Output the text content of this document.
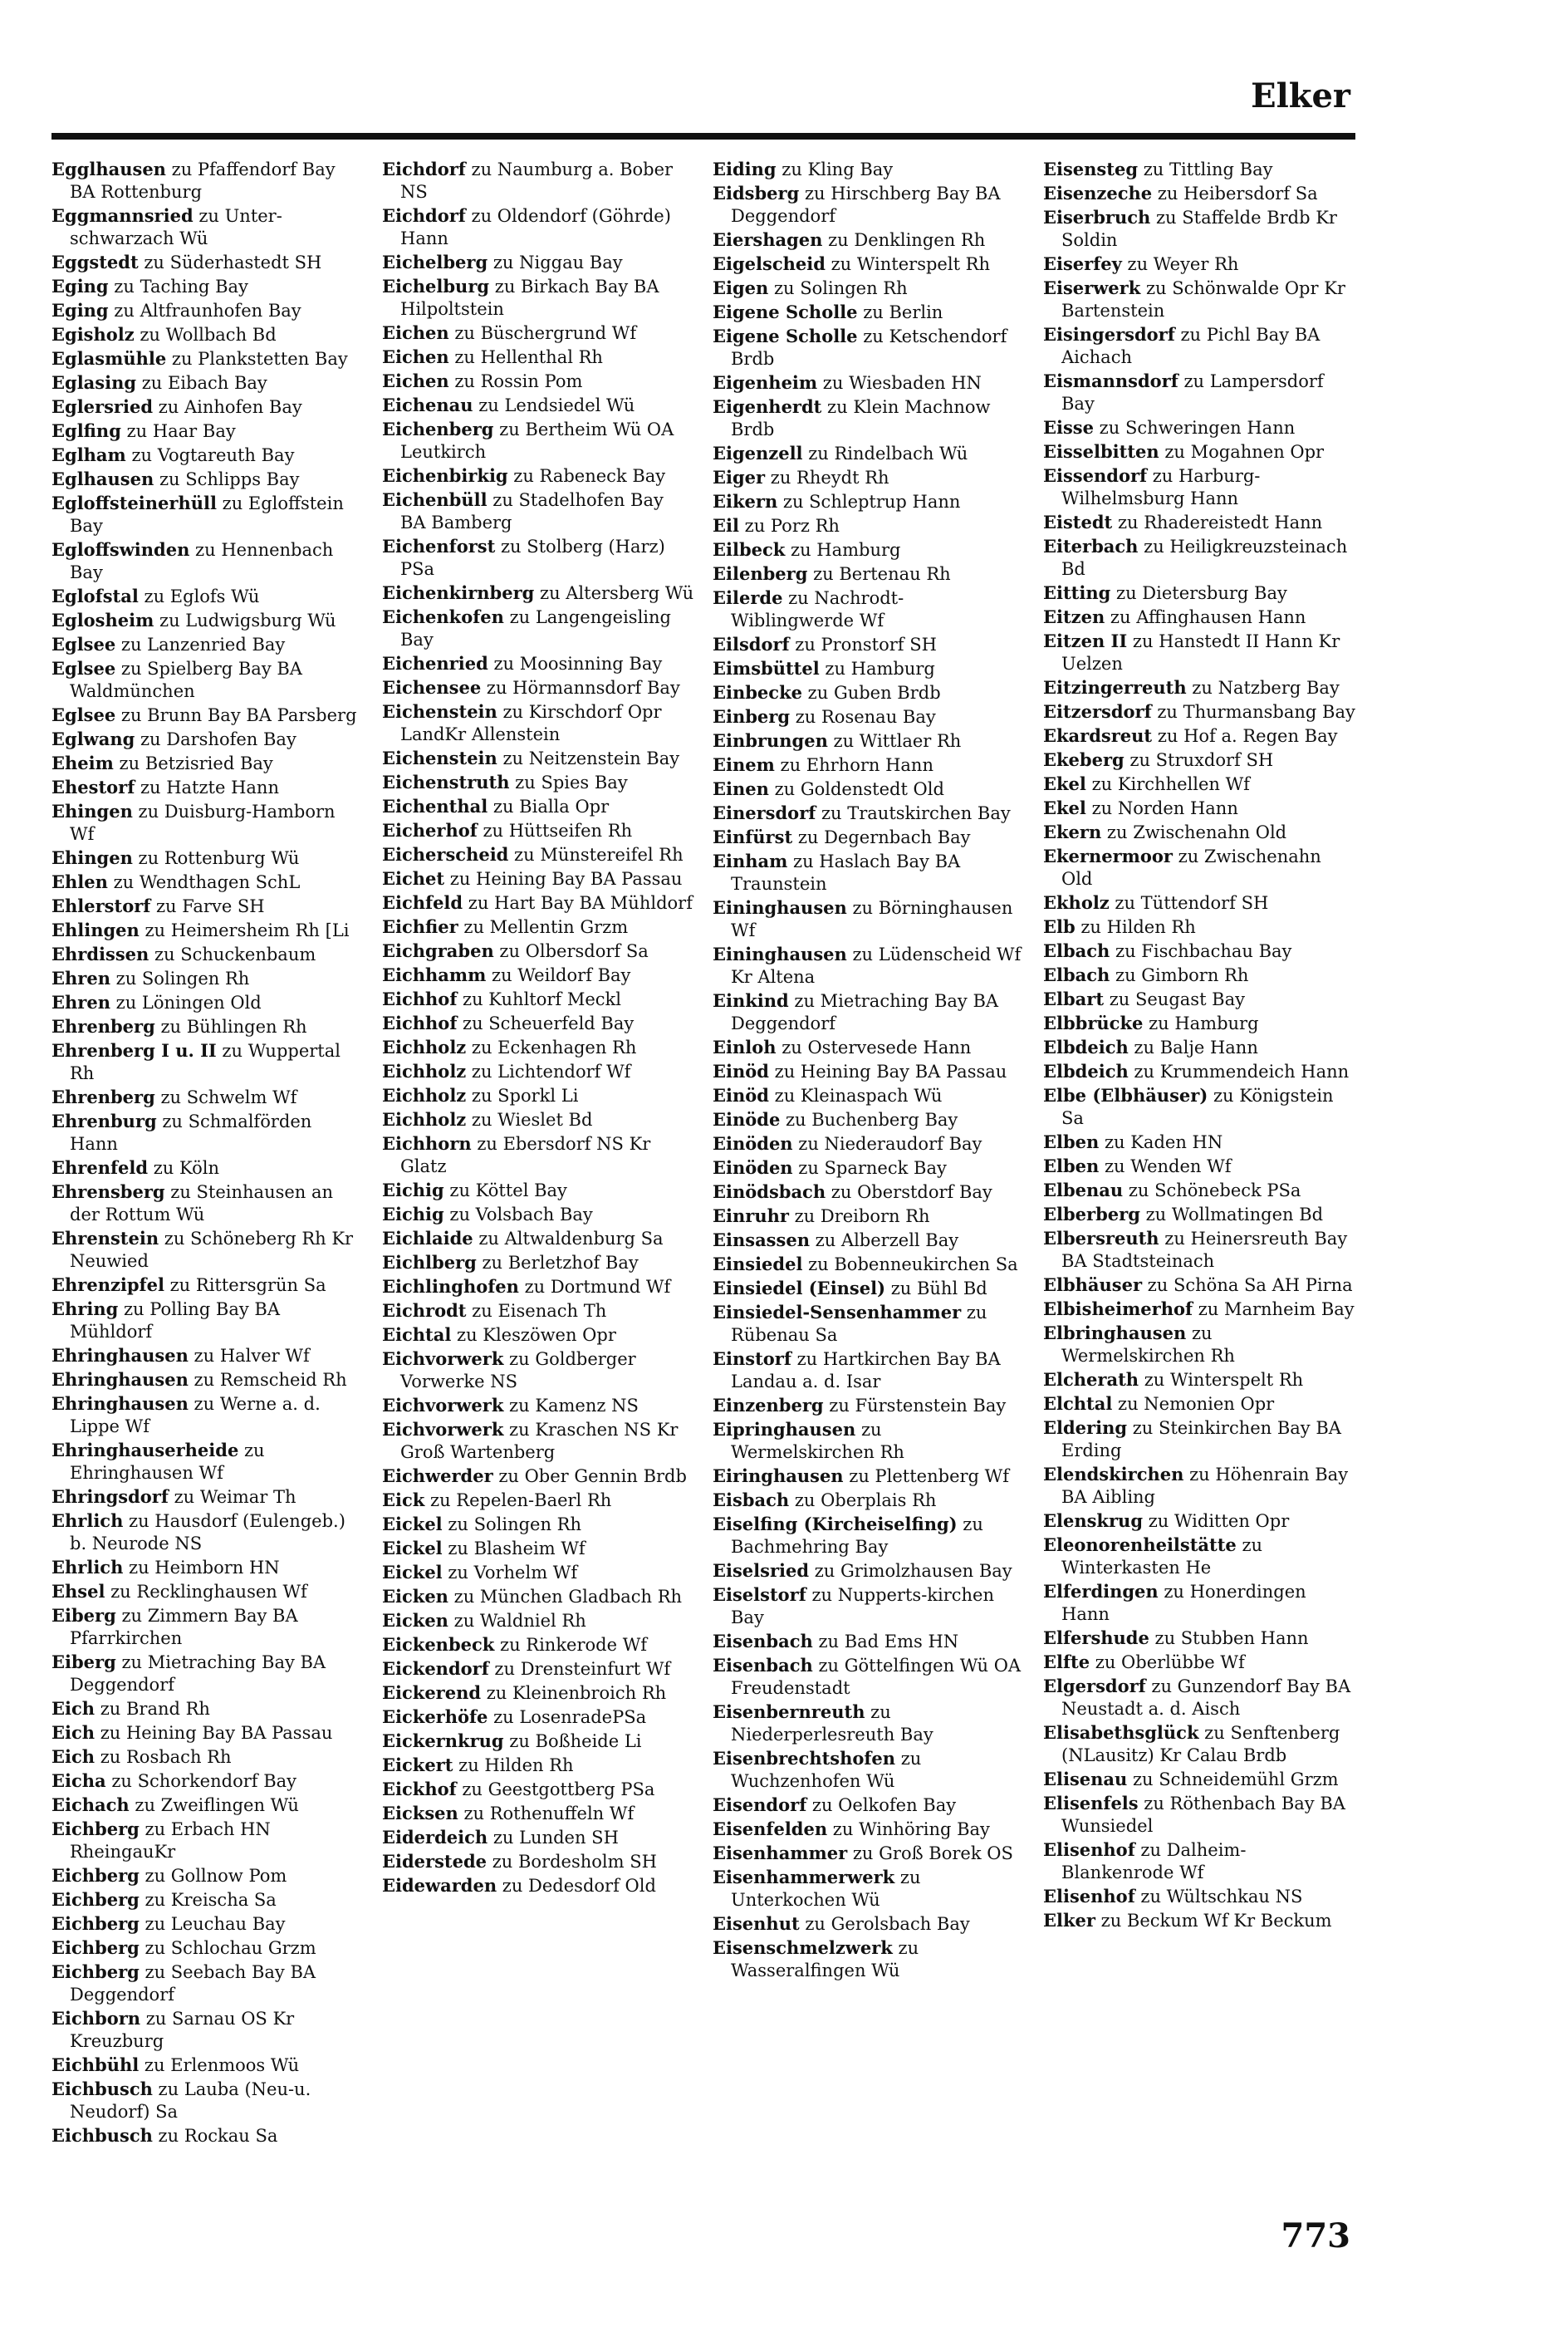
Elker
Egglhausen zu Pfaffendorf Bay BA Rottenburg
Eggmannsried zu Unter-schwarzach Wü
Eggstedt zu Süderhastedt SH
Eging zu Taching Bay
Eging zu Altfraunhofen Bay
Egisholz zu Wollbach Bd
Eglasmühle zu Plankstetten Bay
Eglasing zu Eibach Bay
Eglersried zu Ainhofen Bay
Eglfing zu Haar Bay
Eglham zu Vogtareuth Bay
Eglhausen zu Schlipps Bay
Egloffsteinerhüll zu Egloffstein Bay
Egloffswinden zu Hennenbach Bay
Eglofstal zu Eglofs Wü
Eglosheim zu Ludwigsburg Wü
Eglsee zu Lanzenried Bay
Eglsee zu Spielberg Bay BA Waldmünchen
Eglsee zu Brunn Bay BA Parsberg
Eglwang zu Darshofen Bay
Eheim zu Betzisried Bay
Ehestorf zu Hatzte Hann
Ehingen zu Duisburg-Hamborn Wf
Ehingen zu Rottenburg Wü
Ehlen zu Wendthagen SchL
Ehlerstorf zu Farve SH
Ehlingen zu Heimersheim Rh [Li
Ehrdissen zu Schuckenbaum
Ehren zu Solingen Rh
Ehren zu Löningen Old
Ehrenberg zu Bühlingen Rh
Ehrenberg I u. II zu Wuppertal Rh
Ehrenberg zu Schwelm Wf
Ehrenburg zu Schmalförden Hann
Ehrenfeld zu Köln
Ehrensberg zu Steinhausen an der Rottum Wü
Ehrenstein zu Schöneberg Rh Kr Neuwied
Ehrenzipfel zu Rittersgrün Sa
Ehring zu Polling Bay BA Mühldorf
Ehringhausen zu Halver Wf
Ehringhausen zu Remscheid Rh
Ehringhausen zu Werne a. d. Lippe Wf
Ehringhauserheide zu Ehringhausen Wf
Ehringsdorf zu Weimar Th
Ehrlich zu Hausdorf (Eulengeb.) b. Neurode NS
Ehrlich zu Heimborn HN
Ehsel zu Recklinghausen Wf
Eiberg zu Zimmern Bay BA Pfarrkirchen
Eiberg zu Mietraching Bay BA Deggendorf
Eich zu Brand Rh
Eich zu Heining Bay BA Passau
Eich zu Rosbach Rh
Eicha zu Schorkendorf Bay
Eichach zu Zweiflingen Wü
Eichberg zu Erbach HN RheingauKr
Eichberg zu Gollnow Pom
Eichberg zu Kreischa Sa
Eichberg zu Leuchau Bay
Eichberg zu Schlochau Grzm
Eichberg zu Seebach Bay BA Deggendorf
Eichborn zu Sarnau OS Kr Kreuzburg
Eichbühl zu Erlenmoos Wü
Eichbusch zu Lauba (Neu-u. Neudorf) Sa
Eichbusch zu Rockau Sa
Eichdorf zu Naumburg a. Bober NS
Eichdorf zu Oldendorf (Göhrde) Hann
Eichelberg zu Niggau Bay
Eichelburg zu Birkach Bay BA Hilpoltstein
Eichen zu Büschergrund Wf
Eichen zu Hellenthal Rh
Eichen zu Rossin Pom
Eichenau zu Lendsiedel Wü
Eichenberg zu Bertheim Wü OA Leutkirch
Eichenbirkig zu Rabeneck Bay
Eichenbüll zu Stadelhofen Bay BA Bamberg
Eichenforst zu Stolberg (Harz) PSa
Eichenkirnberg zu Altersberg Wü
Eichenkofen zu Langengeisling Bay
Eichenried zu Moosinning Bay
Eichensee zu Hörmannsdorf Bay
Eichenstein zu Kirschdorf Opr LandKr Allenstein
Eichenstein zu Neitzenstein Bay
Eichenstruth zu Spies Bay
Eichenthal zu Bialla Opr
Eicherhof zu Hüttseifen Rh
Eicherscheid zu Münstereifel Rh
Eichet zu Heining Bay BA Passau
Eichfeld zu Hart Bay BA Mühldorf
Eichfier zu Mellentin Grzm
Eichgraben zu Olbersdorf Sa
Eichhamm zu Weildorf Bay
Eichhof zu Kuhltorf Meckl
Eichhof zu Scheuerfeld Bay
Eichholz zu Eckenhagen Rh
Eichholz zu Lichtendorf Wf
Eichholz zu Sporkl Li
Eichholz zu Wieslet Bd
Eichhorn zu Ebersdorf NS Kr Glatz
Eichig zu Köttel Bay
Eichig zu Volsbach Bay
Eichlaide zu Altwaldenburg Sa
Eichlberg zu Berletzhof Bay
Eichlinghofen zu Dortmund Wf
Eichrodt zu Eisenach Th
Eichtal zu Kleszöwen Opr
Eichvorwerk zu Goldberger Vorwerke NS
Eichvorwerk zu Kamenz NS
Eichvorwerk zu Kraschen NS Kr Groß Wartenberg
Eichwerder zu Ober Gennin Brdb
Eick zu Repelen-Baerl Rh
Eickel zu Solingen Rh
Eickel zu Blasheim Wf
Eickel zu Vorhelm Wf
Eicken zu München Gladbach Rh
Eicken zu Waldniel Rh
Eickenbeck zu Rinkerode Wf
Eickendorf zu Drensteinfurt Wf
Eickerend zu Kleinenbroich Rh
Eickerhöfe zu LosenradePSa
Eickernkrug zu Boßheide Li
Eickert zu Hilden Rh
Eickhof zu Geestgottberg PSa
Eicksen zu Rothenuffeln Wf
Eiderdeich zu Lunden SH
Eiderstede zu Bordesholm SH
Eidewarden zu Dedesdorf Old
Eiding zu Kling Bay
Eidsberg zu Hirschberg Bay BA Deggendorf
Eiershagen zu Denklingen Rh
Eigelscheid zu Winterspelt Rh
Eigen zu Solingen Rh
Eigene Scholle zu Berlin
Eigene Scholle zu Ketschendorf Brdb
Eigenheim zu Wiesbaden HN
Eigenherdt zu Klein Machnow Brdb
Eigenzell zu Rindelbach Wü
Eiger zu Rheydt Rh
Eikern zu Schleptrup Hann
Eil zu Porz Rh
Eilbeck zu Hamburg
Eilenberg zu Bertenau Rh
Eilerde zu Nachrodt-Wiblingwerde Wf
Eilsdorf zu Pronstorf SH
Eimsbüttel zu Hamburg
Einbecke zu Guben Brdb
Einberg zu Rosenau Bay
Einbrungen zu Wittlaer Rh
Einem zu Ehrhorn Hann
Einen zu Goldenstedt Old
Einersdorf zu Trautskirchen Bay
Einfürst zu Degernbach Bay
Einham zu Haslach Bay BA Traunstein
Eininghausen zu Börninghausen Wf
Eininghausen zu Lüdenscheid Wf Kr Altena
Einkind zu Mietraching Bay BA Deggendorf
Einloh zu Ostervesede Hann
Einöd zu Heining Bay BA Passau
Einöd zu Kleinaspach Wü
Einöde zu Buchenberg Bay
Einöden zu Niederaudorf Bay
Einöden zu Sparneck Bay
Einödsbach zu Oberstdorf Bay
Einruhr zu Dreiborn Rh
Einsassen zu Alberzell Bay
Einsiedel zu Bobenneukirchen Sa
Einsiedel (Einsel) zu Bühl Bd
Einsiedel-Sensenhammer zu Rübenau Sa
Einstorf zu Hartkirchen Bay BA Landau a. d. Isar
Einzenberg zu Fürstenstein Bay
Eipringhausen zu Wermelskirchen Rh
Eiringhausen zu Plettenberg Wf
Eisbach zu Oberplais Rh
Eiselfing (Kircheiselfing) zu Bachmehring Bay
Eiselsried zu Grimolzhausen Bay
Eiselstorf zu Nupperts-kirchen Bay
Eisenbach zu Bad Ems HN
Eisenbach zu Göttelfingen Wü OA Freudenstadt
Eisenbernreuth zu Niederperlesreuth Bay
Eisenbrechtshofen zu Wuchzenhofen Wü
Eisendorf zu Oelkofen Bay
Eisenfelden zu Winhöring Bay
Eisenhammer zu Groß Borek OS
Eisenhammerwerk zu Unterkochen Wü
Eisenhut zu Gerolsbach Bay
Eisenschmelzwerk zu Wasseralfingen Wü
Eisensteg zu Tittling Bay
Eisenzeche zu Heibersdorf Sa
Eiserbruch zu Staffelde Brdb Kr Soldin
Eiserfey zu Weyer Rh
Eiserwerk zu Schönwalde Opr Kr Bartenstein
Eisingersdorf zu Pichl Bay BA Aichach
Eismannsdorf zu Lampersdorf Bay
Eisse zu Schweringen Hann
Eisselbitten zu Mogahnen Opr
Eissendorf zu Harburg-Wilhelmsburg Hann
Eistedt zu Rhadereistedt Hann
Eiterbach zu Heiligkreuzsteinach Bd
Eitting zu Dietersburg Bay
Eitzen zu Affinghausen Hann
Eitzen II zu Hanstedt II Hann Kr Uelzen
Eitzingerreuth zu Natzberg Bay
Eitzersdorf zu Thurmansbang Bay
Ekardsreut zu Hof a. Regen Bay
Ekeberg zu Struxdorf SH
Ekel zu Kirchhellen Wf
Ekel zu Norden Hann
Ekern zu Zwischenahn Old
Ekernermoor zu Zwischenahn Old
Ekholz zu Tüttendorf SH
Elb zu Hilden Rh
Elbach zu Fischbachau Bay
Elbach zu Gimborn Rh
Elbart zu Seugast Bay
Elbbrücke zu Hamburg
Elbdeich zu Balje Hann
Elbdeich zu Krummendeich Hann
Elbe (Elbhäuser) zu Königstein Sa
Elben zu Kaden HN
Elben zu Wenden Wf
Elbenau zu Schönebeck PSa
Elberberg zu Wollmatingen Bd
Elbersreuth zu Heinersreuth Bay BA Stadtsteinach
Elbhäuser zu Schöna Sa AH Pirna
Elbisheimerhof zu Marnheim Bay
Elbringhausen zu Wermelskirchen Rh
Elcherath zu Winterspelt Rh
Elchtal zu Nemonien Opr
Eldering zu Steinkirchen Bay BA Erding
Elendskirchen zu Höhenrain Bay BA Aibling
Elenskrug zu Widitten Opr
Eleonorenheilstätte zu Winterkasten He
Elferdingen zu Honerdingen Hann
Elfershude zu Stubben Hann
Elfte zu Oberlübbe Wf
Elgersdorf zu Gunzendorf Bay BA Neustadt a. d. Aisch
Elisabethsglück zu Senftenberg (NLausitz) Kr Calau Brdb
Elisenau zu Schneidemühl Grzm
Elisenfels zu Röthenbach Bay BA Wunsiedel
Elisenhof zu Dalheim-Blankenrode Wf
Elisenhof zu Wültschkau NS
Elker zu Beckum Wf Kr Beckum
773
